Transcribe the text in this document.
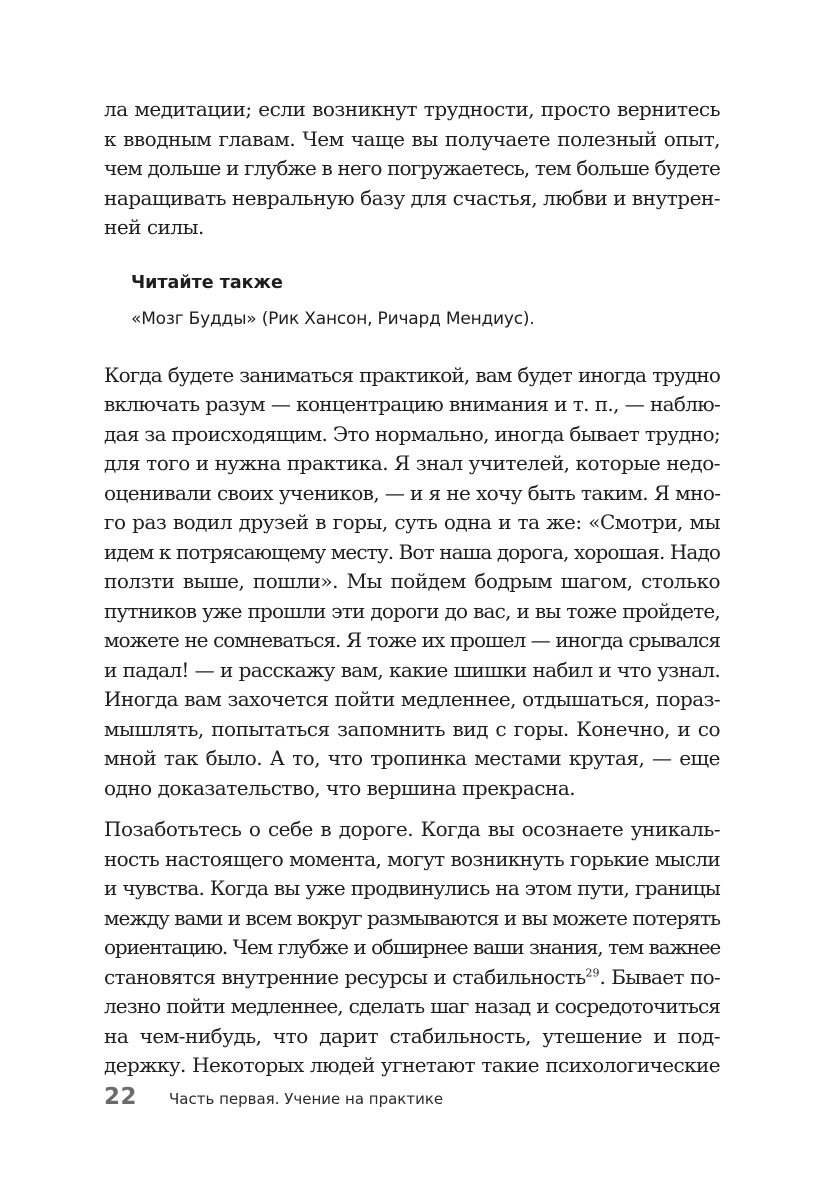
ла медитации; если возникнут трудности, просто вернитесь
к вводным главам. Чем чаще вы получаете полезный опыт,
чем дольше и глубже в него погружаетесь, тем больше будете
наращивать невральную базу для счастья, любви и внутрен-
ней силы.
Читайте также
«Мозг Будды» (Рик Хансон, Ричард Мендиус).
Когда будете заниматься практикой, вам будет иногда трудно
включать разум — концентрацию внимания и т. п., — наблю-
дая за происходящим. Это нормально, иногда бывает трудно;
для того и нужна практика. Я знал учителей, которые недо-
оценивали своих учеников, — и я не хочу быть таким. Я мно-
го раз водил друзей в горы, суть одна и та же: «Смотри, мы
идем к потрясающему месту. Вот наша дорога, хорошая. Надо
ползти выше, пошли». Мы пойдем бодрым шагом, столько
путников уже прошли эти дороги до вас, и вы тоже пройдете,
можете не сомневаться. Я тоже их прошел — иногда срывался
и падал! — и расскажу вам, какие шишки набил и что узнал.
Иногда вам захочется пойти медленнее, отдышаться, пораз-
мышлять, попытаться запомнить вид с горы. Конечно, и со
мной так было. А то, что тропинка местами крутая, — еще
одно доказательство, что вершина прекрасна.
Позаботьтесь о себе в дороге. Когда вы осознаете уникаль-
ность настоящего момента, могут возникнуть горькие мысли
и чувства. Когда вы уже продвинулись на этом пути, границы
между вами и всем вокруг размываются и вы можете потерять
ориентацию. Чем глубже и обширнее ваши знания, тем важнее
становятся внутренние ресурсы и стабильность$^{29}$. Бывает по-
лезно пойти медленнее, сделать шаг назад и сосредоточиться
на чем-нибудь, что дарит стабильность, утешение и под-
держку. Некоторых людей угнетают такие психологические
22 Часть первая. Учение на практике
